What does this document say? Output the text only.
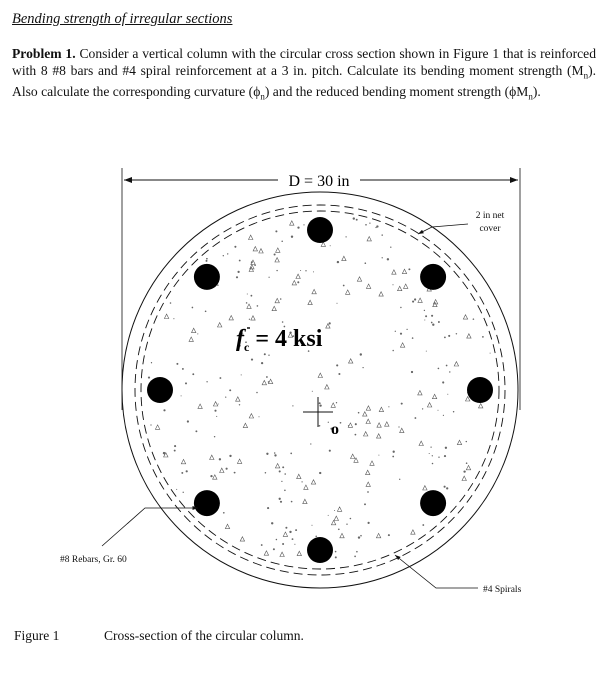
Bending strength of irregular sections
Problem 1. Consider a vertical column with the circular cross section shown in Figure 1 that is reinforced with 8 #8 bars and #4 spiral reinforcement at a 3 in. pitch. Calculate its bending moment strength $(M_n)$. Also calculate the corresponding curvature $(\phi_n)$ and the reduced bending moment strength $(\phi M_n)$.
D = 30 in
$f_c = 4$ ksi
o
2 in net
cover
#8 Rebars, Gr. 60
#4 Spirals
Figure 1	Cross-section of the circular column.
